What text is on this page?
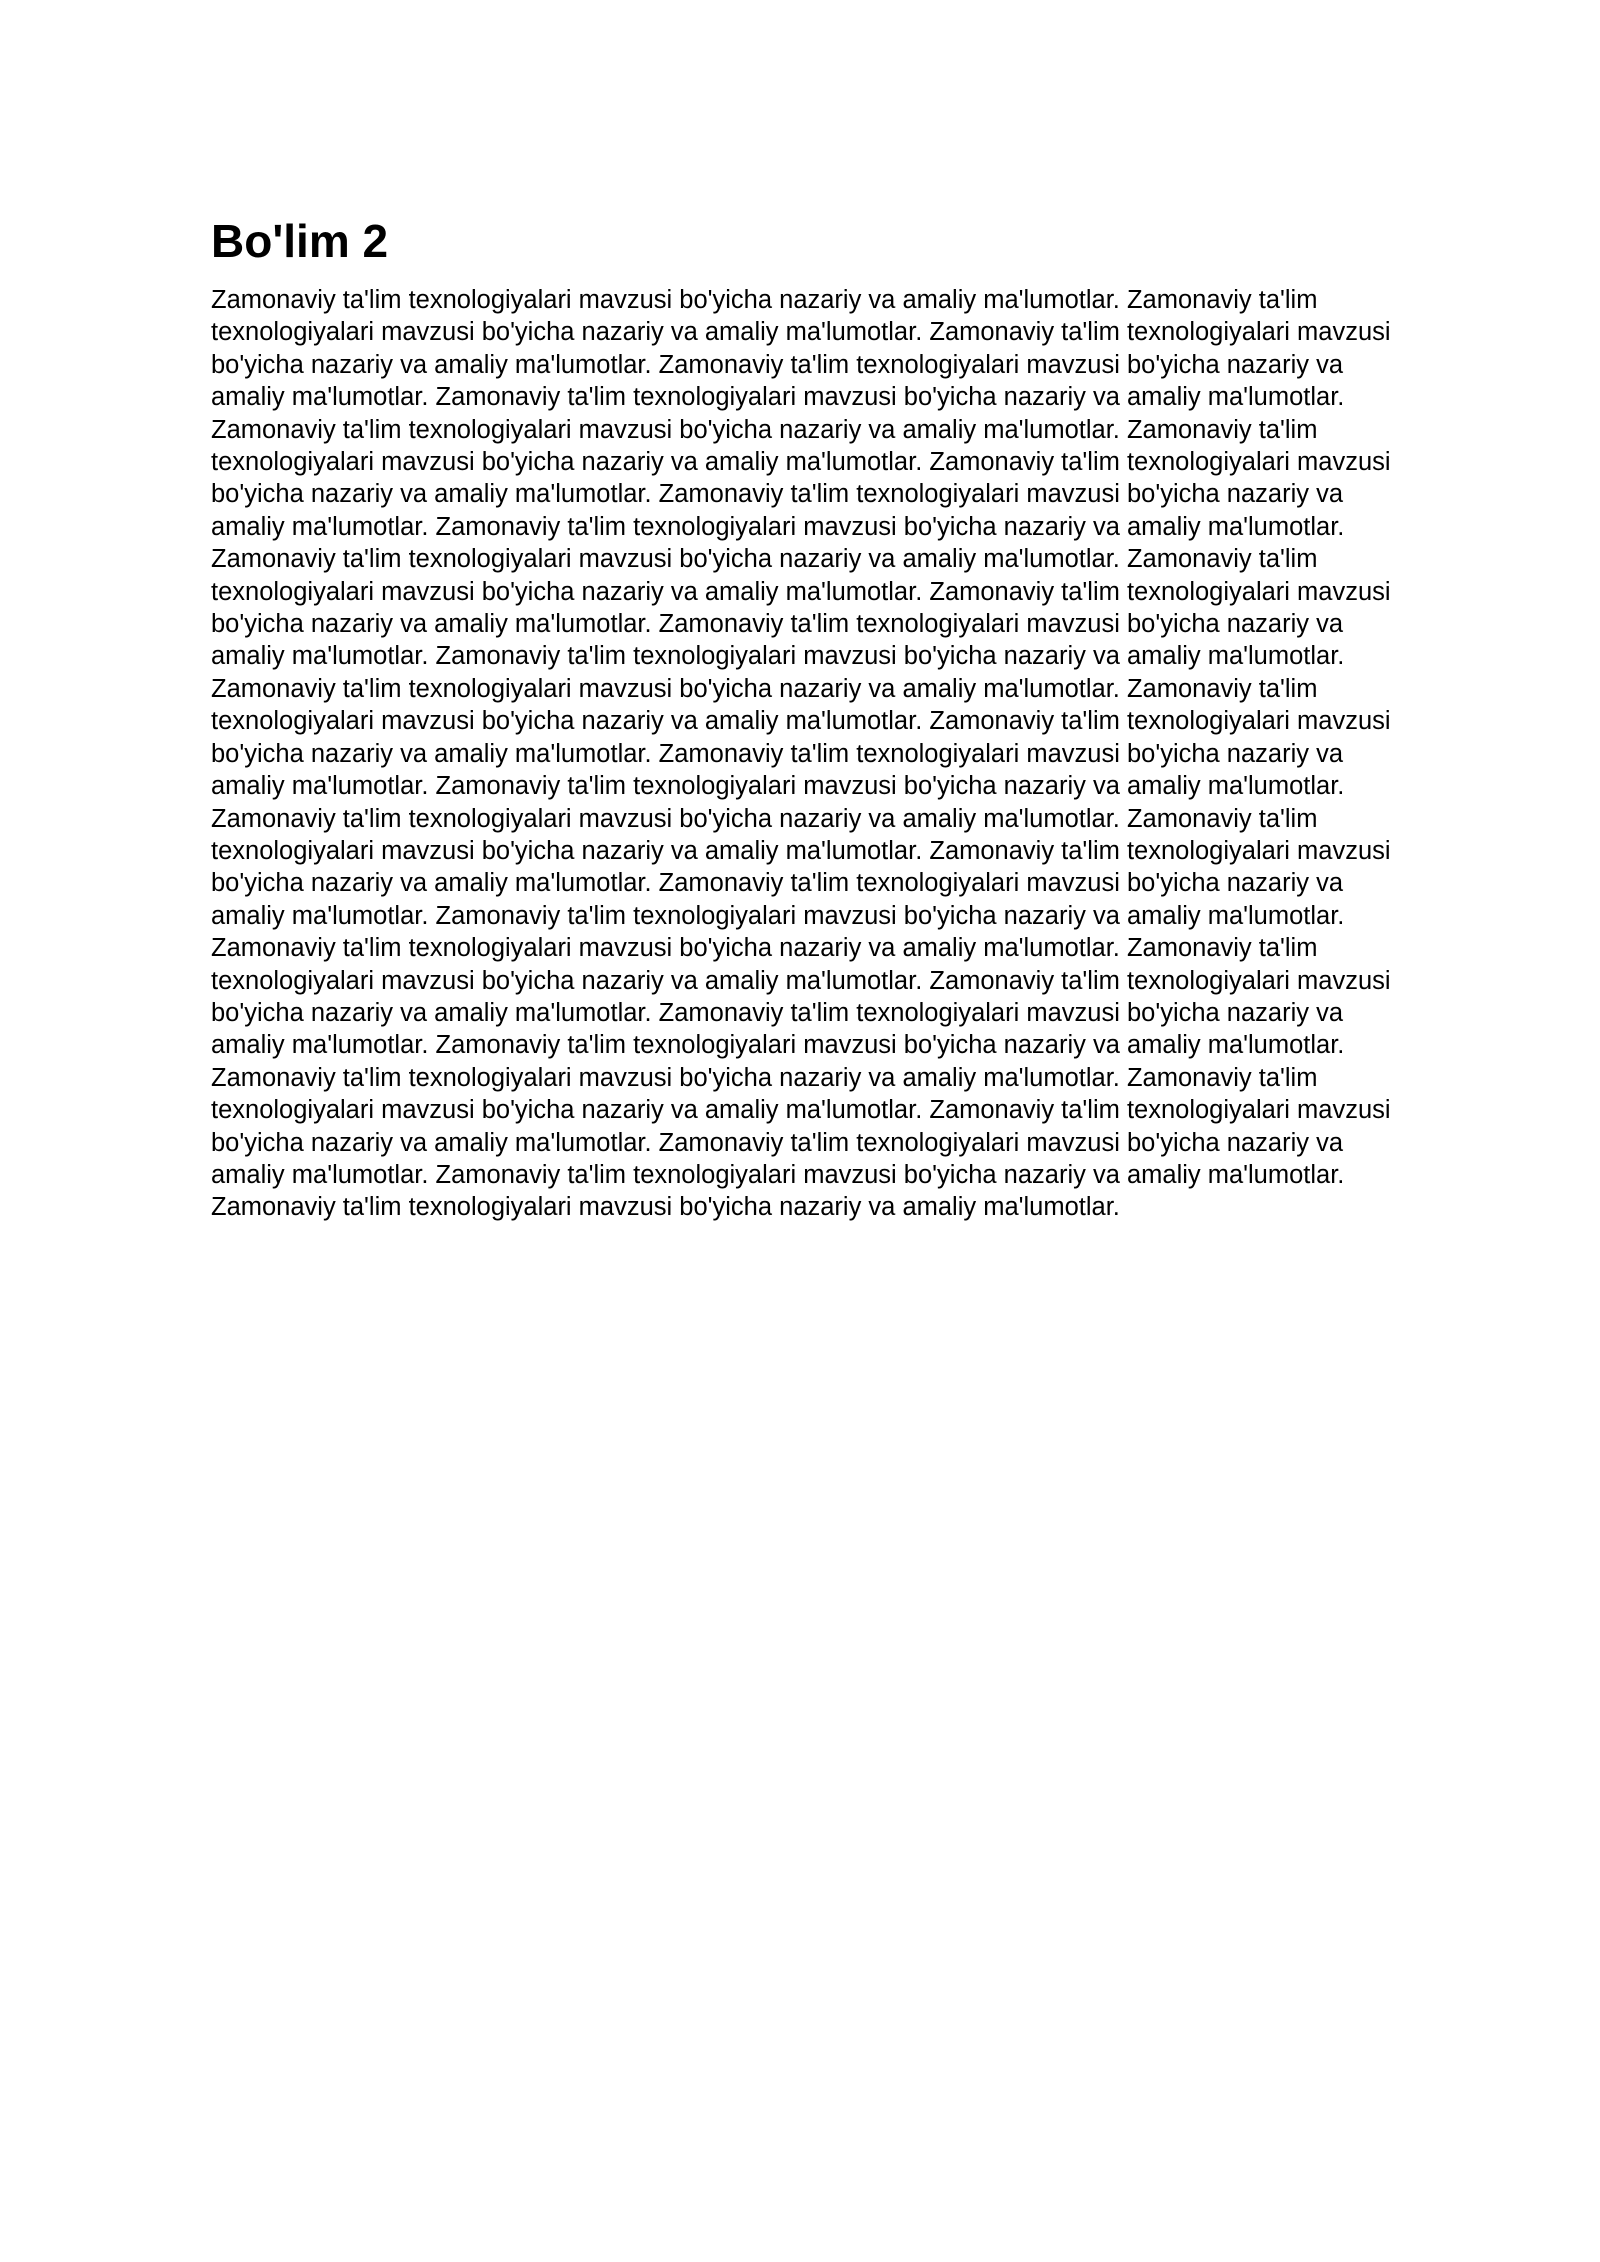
Bo'lim 2

Zamonaviy ta'lim texnologiyalari mavzusi bo'yicha nazariy va amaliy ma'lumotlar. Zamonaviy ta'lim texnologiyalari mavzusi bo'yicha nazariy va amaliy ma'lumotlar. Zamonaviy ta'lim texnologiyalari mavzusi bo'yicha nazariy va amaliy ma'lumotlar. Zamonaviy ta'lim texnologiyalari mavzusi bo'yicha nazariy va amaliy ma'lumotlar. Zamonaviy ta'lim texnologiyalari mavzusi bo'yicha nazariy va amaliy ma'lumotlar. Zamonaviy ta'lim texnologiyalari mavzusi bo'yicha nazariy va amaliy ma'lumotlar. Zamonaviy ta'lim texnologiyalari mavzusi bo'yicha nazariy va amaliy ma'lumotlar. Zamonaviy ta'lim texnologiyalari mavzusi bo'yicha nazariy va amaliy ma'lumotlar. Zamonaviy ta'lim texnologiyalari mavzusi bo'yicha nazariy va amaliy ma'lumotlar. Zamonaviy ta'lim texnologiyalari mavzusi bo'yicha nazariy va amaliy ma'lumotlar. Zamonaviy ta'lim texnologiyalari mavzusi bo'yicha nazariy va amaliy ma'lumotlar. Zamonaviy ta'lim texnologiyalari mavzusi bo'yicha nazariy va amaliy ma'lumotlar. Zamonaviy ta'lim texnologiyalari mavzusi bo'yicha nazariy va amaliy ma'lumotlar. Zamonaviy ta'lim texnologiyalari mavzusi bo'yicha nazariy va amaliy ma'lumotlar. Zamonaviy ta'lim texnologiyalari mavzusi bo'yicha nazariy va amaliy ma'lumotlar. Zamonaviy ta'lim texnologiyalari mavzusi bo'yicha nazariy va amaliy ma'lumotlar. Zamonaviy ta'lim texnologiyalari mavzusi bo'yicha nazariy va amaliy ma'lumotlar. Zamonaviy ta'lim texnologiyalari mavzusi bo'yicha nazariy va amaliy ma'lumotlar. Zamonaviy ta'lim texnologiyalari mavzusi bo'yicha nazariy va amaliy ma'lumotlar. Zamonaviy ta'lim texnologiyalari mavzusi bo'yicha nazariy va amaliy ma'lumotlar. Zamonaviy ta'lim texnologiyalari mavzusi bo'yicha nazariy va amaliy ma'lumotlar. Zamonaviy ta'lim texnologiyalari mavzusi bo'yicha nazariy va amaliy ma'lumotlar. Zamonaviy ta'lim texnologiyalari mavzusi bo'yicha nazariy va amaliy ma'lumotlar. Zamonaviy ta'lim texnologiyalari mavzusi bo'yicha nazariy va amaliy ma'lumotlar. Zamonaviy ta'lim texnologiyalari mavzusi bo'yicha nazariy va amaliy ma'lumotlar. Zamonaviy ta'lim texnologiyalari mavzusi bo'yicha nazariy va amaliy ma'lumotlar. Zamonaviy ta'lim texnologiyalari mavzusi bo'yicha nazariy va amaliy ma'lumotlar. Zamonaviy ta'lim texnologiyalari mavzusi bo'yicha nazariy va amaliy ma'lumotlar. Zamonaviy ta'lim texnologiyalari mavzusi bo'yicha nazariy va amaliy ma'lumotlar. Zamonaviy ta'lim texnologiyalari mavzusi bo'yicha nazariy va amaliy ma'lumotlar. Zamonaviy ta'lim texnologiyalari mavzusi bo'yicha nazariy va amaliy ma'lumotlar. Zamonaviy ta'lim texnologiyalari mavzusi bo'yicha nazariy va amaliy ma'lumotlar. Zamonaviy ta'lim texnologiyalari mavzusi bo'yicha nazariy va amaliy ma'lumotlar. Zamonaviy ta'lim texnologiyalari mavzusi bo'yicha nazariy va amaliy ma'lumotlar. Zamonaviy ta'lim texnologiyalari mavzusi bo'yicha nazariy va amaliy ma'lumotlar. Zamonaviy ta'lim texnologiyalari mavzusi bo'yicha nazariy va amaliy ma'lumotlar.
